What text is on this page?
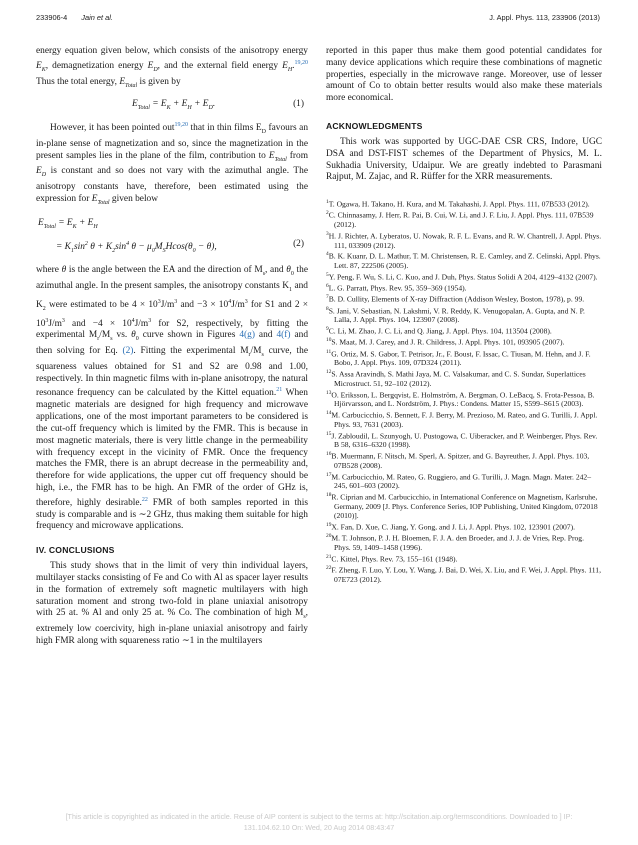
233906-4 Jain et al.	J. Appl. Phys. 113, 233906 (2013)

energy equation given below, which consists of the anisotropy energy $E_K$, demagnetization energy $E_D$, and the external field energy $E_H.^{19,20}$ Thus the total energy, $E_{Total}$ is given by

$E_{Total} = E_K + E_H + E_D$.	(1)

However, it has been pointed out$^{19,20}$ that in thin films $E_D$ favours an in-plane sense of magnetization and so, since the magnetization in the present samples lies in the plane of the film, contribution to $E_{Total}$ from $E_D$ is constant and so does not vary with the azimuthal angle. The anisotropy constants have, therefore, been estimated using the expression for $E_{Total}$ given below

$E_{Total} = E_K + E_H$
= $K_1\sin^2$ $\theta + K_2\sin^4$ $\theta - \mu_0M_SHcos(\theta_0 - \theta)$,	(2)

where θ is the angle between the EA and the direction of $M_s$, and $\theta_0$ the azimuthal angle. In the present samples, the anisotropy constants $K_1$ and $K_2$ were estimated to be $4 \times 10^3J/m^3$ and $-3 \times 10^4J/m^3$ for S1 and $2 \times 10^3J/m^3$ and $-4 \times 10^4J/m^3$ for S2, respectively, by fitting the experimental $M_r/M_s$ vs. $\theta_0$ curve shown in Figures 4(g) and 4(f) and then solving for Eq. (2). Fitting the experimental $M_r/M_s$ curve, the squareness values obtained for S1 and S2 are 0.98 and 1.00, respectively. In thin magnetic films with in-plane anisotropy, the natural resonance frequency can be calculated by the Kittel equation.$^{21}$ When magnetic materials are designed for high frequency and microwave applications, one of the most important parameters to be considered is the cut-off frequency which is limited by the FMR. This is because in most magnetic materials, there is very little change in the permeability with frequency except in the vicinity of FMR. Once the frequency matches the FMR, there is an abrupt decrease in the permeability and, therefore for wide applications, the upper cut off frequency should be high, i.e., the FMR has to be high. An FMR of the order of GHz is, therefore, highly desirable.$^{22}$ FMR of both samples reported in this study is comparable and is ∼2 GHz, thus making them suitable for high frequency and microwave applications.

IV. CONCLUSIONS

This study shows that in the limit of very thin individual layers, multilayer stacks consisting of Fe and Co with Al as spacer layer results in the formation of extremely soft magnetic multilayers with high saturation moment and strong two-fold in plane uniaxial anisotropy with 25 at. % Al and only 25 at. % Co. The combination of high $M_s$, extremely low coercivity, high in-plane uniaxial anisotropy and fairly high FMR along with squareness ratio ∼1 in the multilayers

reported in this paper thus make them good potential candidates for many device applications which require these combinations of magnetic properties, especially in the microwave range. Moreover, use of lesser amount of Co to obtain better results would also make these materials more economical.

ACKNOWLEDGMENTS

This work was supported by UGC-DAE CSR CRS, Indore, UGC DSA and DST-FIST schemes of the Department of Physics, M. L. Sukhadia University, Udaipur. We are greatly indebted to Parasmani Rajput, M. Zajac, and R. Rüffer for the XRR measurements.

$^1$T. Ogawa, H. Takano, H. Kura, and M. Takahashi, J. Appl. Phys. 111, 07B533 (2012).

$^2$C. Chinnasamy, J. Herr, R. Pai, B. Cui, W. Li, and J. F. Liu, J. Appl. Phys. 111, 07B539 (2012).

$^3$H. J. Richter, A. Lyberatos, U. Nowak, R. F. L. Evans, and R. W. Chantrell, J. Appl. Phys. 111, 033909 (2012).

$^4$B. K. Kuanr, D. L. Mathur, T. M. Christensen, R. E. Camley, and Z. Celinski, Appl. Phys. Lett. 87, 222506 (2005).

$^5$Y. Peng, F. Wu, S. Li, C. Kuo, and J. Duh, Phys. Status Solidi A 204, 4129–4132 (2007).

$^6$L. G. Parratt, Phys. Rev. 95, 359–369 (1954).

$^7$B. D. Cullity, Elements of X-ray Diffraction (Addison Wesley, Boston, 1978), p. 99.

$^8$S. Jani, V. Sebastian, N. Lakshmi, V. R. Reddy, K. Venugopalan, A. Gupta, and N. P. Lalla, J. Appl. Phys. 104, 123907 (2008).

$^9$C. Li, M. Zhao, J. C. Li, and Q. Jiang, J. Appl. Phys. 104, 113504 (2008).

$^{10}$S. Maat, M. J. Carey, and J. R. Childress, J. Appl. Phys. 101, 093905 (2007).

$^{11}$G. Ortiz, M. S. Gabor, T. Petrisor, Jr., F. Boust, F. Issac, C. Tiusan, M. Hehn, and J. F. Bobo, J. Appl. Phys. 109, 07D324 (2011).

$^{12}$S. Assa Aravindh, S. Mathi Jaya, M. C. Valsakumar, and C. S. Sundar, Superlattices Microstruct. 51, 92–102 (2012).

$^{13}$O. Eriksson, L. Bergqvist, E. Holmström, A. Bergman, O. LeBacq, S. Frota-Pessoa, B. Hjörvarsson, and L. Nordström, J. Phys.: Condens. Matter 15, S599–S615 (2003).

$^{14}$M. Carbucicchio, S. Bennett, F. J. Berry, M. Prezioso, M. Rateo, and G. Turilli, J. Appl. Phys. 93, 7631 (2003).

$^{15}$J. Zabloudil, L. Szunyogh, U. Pustogowa, C. Uiberacker, and P. Weinberger, Phys. Rev. B 58, 6316–6320 (1998).

$^{16}$B. Muermann, F. Nitsch, M. Sperl, A. Spitzer, and G. Bayreuther, J. Appl. Phys. 103, 07B528 (2008).

$^{17}$M. Carbucicchio, M. Rateo, G. Ruggiero, and G. Turilli, J. Magn. Magn. Mater. 242–245, 601–603 (2002).

$^{18}$R. Ciprian and M. Carbucicchio, in International Conference on Magnetism, Karlsruhe, Germany, 2009 [J. Phys. Conference Series, IOP Publishing, United Kingdom, 072018 (2010)].

$^{19}$X. Fan, D. Xue, C. Jiang, Y. Gong, and J. Li, J. Appl. Phys. 102, 123901 (2007).

$^{20}$M. T. Johnson, P. J. H. Bloemen, F. J. A. den Broeder, and J. J. de Vries, Rep. Prog. Phys. 59, 1409–1458 (1996).

$^{21}$C. Kittel, Phys. Rev. 73, 155–161 (1948).

$^{22}$F. Zheng, F. Luo, Y. Lou, Y. Wang, J. Bai, D. Wei, X. Liu, and F. Wei, J. Appl. Phys. 111, 07E723 (2012).

[This article is copyrighted as indicated in the article. Reuse of AIP content is subject to the terms at: http://scitation.aip.org/termsconditions. Downloaded to ] IP:
131.104.62.10 On: Wed, 20 Aug 2014 08:43:47
